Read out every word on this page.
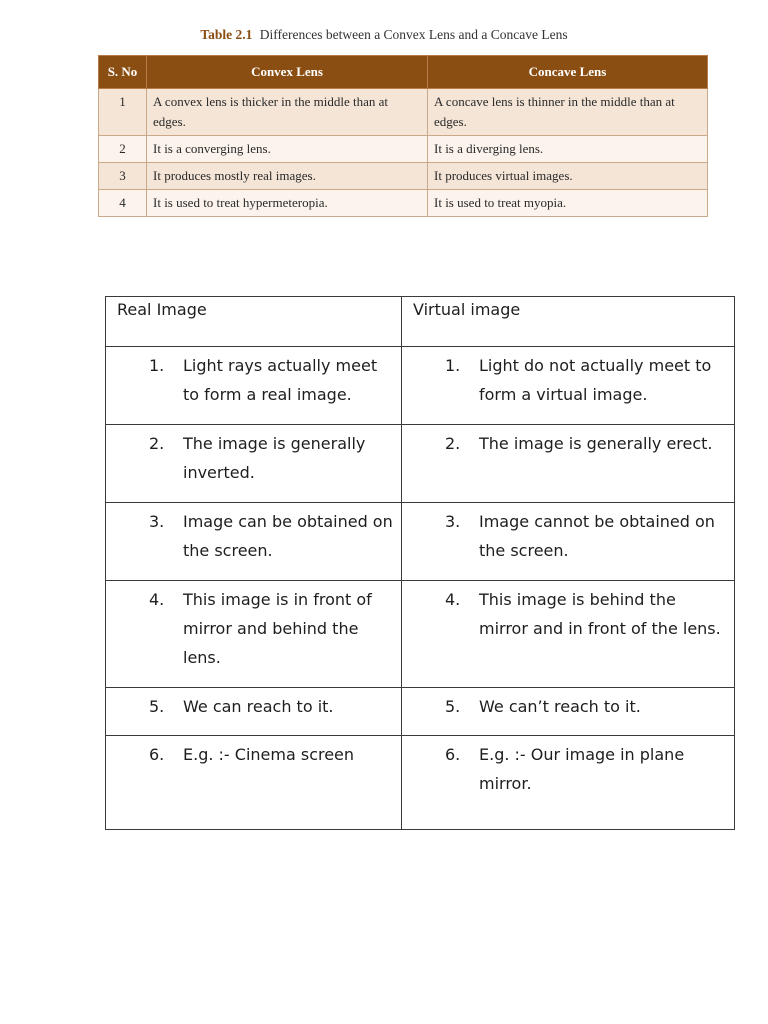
Table 2.1 Differences between a Convex Lens and a Concave Lens
S. No	Convex Lens	Concave Lens
1	A convex lens is thicker in the middle than at edges.	A concave lens is thinner in the middle than at edges.
2	It is a converging lens.	It is a diverging lens.
3	It produces mostly real images.	It produces virtual images.
4	It is used to treat hypermeteropia.	It is used to treat myopia.
Real Image	Virtual image

1. Light rays actually meet to form a real image.	1. Light do not actually meet to form a virtual image.

2. The image is generally inverted.	2. The image is generally erect.

3. Image can be obtained on the screen.	3. Image cannot be obtained on the screen.

4. This image is in front of mirror and behind the lens.	4. This image is behind the mirror and in front of the lens.

5. We can reach to it.	5. We can’t reach to it.

6. E.g. :- Cinema screen	6. E.g. :- Our image in plane mirror.
